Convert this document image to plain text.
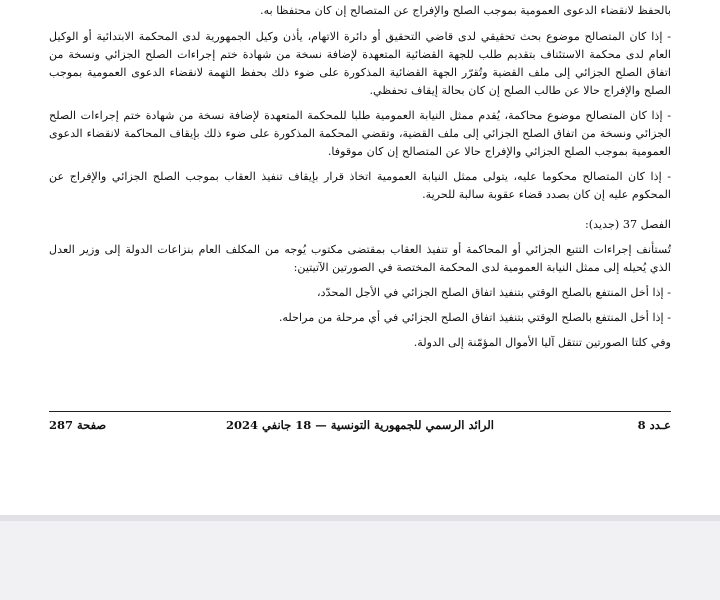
بالحفظ لانقضاء الدعوى العمومية بموجب الصلح والإفراج عن المتصالح إن كان محتفظا به.

- إذا كان المتصالح موضوع بحث تحقيقي لدى قاضي التحقيق أو دائرة الاتهام، يأذن وكيل الجمهورية لدى المحكمة الابتدائية أو الوكيل العام لدى محكمة الاستئناف بتقديم طلب للجهة القضائية المتعهدة لإضافة نسخة من شهادة ختم إجراءات الصلح الجزائي ونسخة من اتفاق الصلح الجزائي إلى ملف القضية وتُقرّر الجهة القضائية المذكورة على ضوء ذلك بحفظ التهمة لانقضاء الدعوى العمومية بموجب الصلح والإفراج حالا عن طالب الصلح إن كان بحالة إيقاف تحفظي.

- إذا كان المتصالح موضوع محاكمة، يُقدم ممثل النيابة العمومية طلبا للمحكمة المتعهدة لإضافة نسخة من شهادة ختم إجراءات الصلح الجزائي ونسخة من اتفاق الصلح الجزائي إلى ملف القضية، وتقضي المحكمة المذكورة على ضوء ذلك بإيقاف المحاكمة لانقضاء الدعوى العمومية بموجب الصلح الجزائي والإفراج حالا عن المتصالح إن كان موقوفا.

- إذا كان المتصالح محكوما عليه، يتولى ممثل النيابة العمومية اتخاذ قرار بإيقاف تنفيذ العقاب بموجب الصلح الجزائي والإفراج عن المحكوم عليه إن كان بصدد قضاء عقوبة سالبة للحرية.

الفصل 37 (جديد):

تُستأنف إجراءات التتبع الجزائي أو المحاكمة أو تنفيذ العقاب بمقتضى مكتوب يُوجه من المكلف العام بنزاعات الدولة إلى وزير العدل الذي يُحيله إلى ممثل النيابة العمومية لدى المحكمة المختصة في الصورتين الآتيتين:

- إذا أخل المنتفع بالصلح الوقتي بتنفيذ اتفاق الصلح الجزائي في الأجل المحدّد،

- إذا أخل المنتفع بالصلح الوقتي بتنفيذ اتفاق الصلح الجزائي في أي مرحلة من مراحله.

وفي كلتا الصورتين تنتقل آليا الأموال المؤمّنة إلى الدولة.

صفحة 287	الرائد الرسمي للجمهورية التونسية — 18 جانفي 2024	عـدد 8
